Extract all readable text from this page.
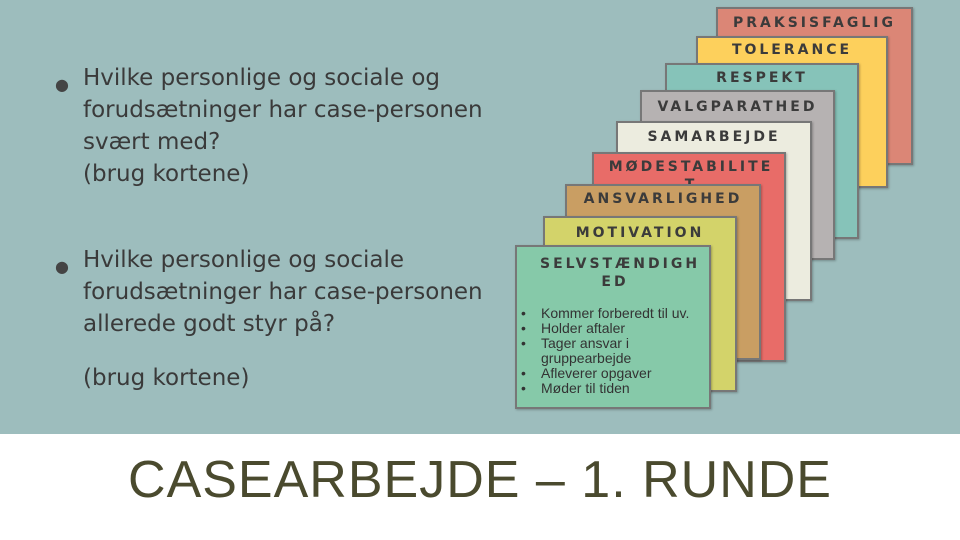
● Hvilke personlige og sociale og forudsætninger har case-personen svært med?
(brug kortene)
● Hvilke personlige og sociale forudsætninger har case-personen allerede godt styr på?
(brug kortene)
PRAKSISFAGLIG
TOLERANCE
RESPEKT
VALGPARATHED
SAMARBEJDE
MØDESTABILITE
ANSVARLIGHED
MOTIVATION
SELVSTÆNDIGH ED
• Kommer forberedt til uv.
• Holder aftaler
• Tager ansvar i gruppearbejde
• Afleverer opgaver
• Møder til tiden
CASEARBEJDE – 1. RUNDE
